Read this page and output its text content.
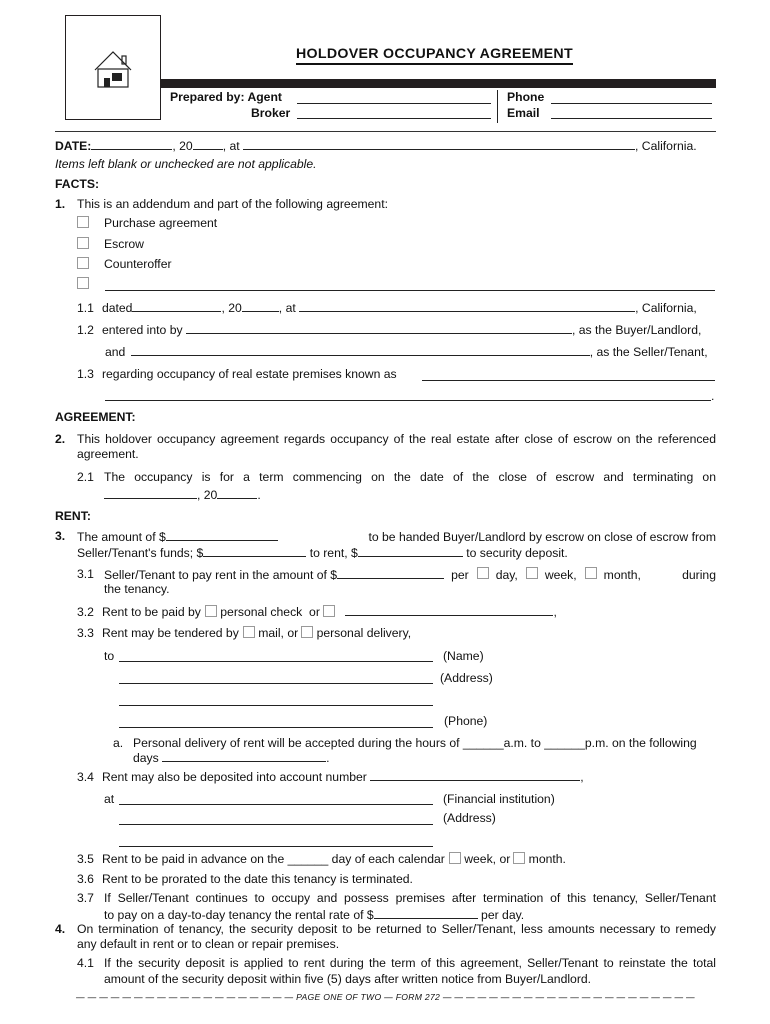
HOLDOVER OCCUPANCY AGREEMENT
Prepared by: Agent
Broker
Phone
Email
DATE:	, 20 , at	, California.
Items left blank or unchecked are not applicable.
FACTS:
1. This is an addendum and part of the following agreement:
Purchase agreement
Escrow
Counteroffer
1.1 dated	, 20	, at	, California,
1.2 entered into by	, as the Buyer/Landlord,
and	, as the Seller/Tenant,
1.3 regarding occupancy of real estate premises known as
.
AGREEMENT:
2. This holdover occupancy agreement regards occupancy of the real estate after close of escrow on the referenced
agreement.
2.1 The occupancy is for a term commencing on the date of the close of escrow and terminating on
, 20	.
RENT:
3. The amount of $	to be handed Buyer/Landlord by escrow on close of escrow from
Seller/Tenant's funds; $	to rent, $	to security deposit.
3.1 Seller/Tenant to pay rent in the amount of $	per day, week, month, during
the tenancy.
3.2 Rent to be paid by personal check or	,
3.3 Rent may be tendered by mail, or personal delivery,
to	(Name)
(Address)
(Phone)
a. Personal delivery of rent will be accepted during the hours of ______a.m. to ______p.m. on the following
days	.
3.4 Rent may also be deposited into account number	,
at	(Financial institution)
(Address)
3.5 Rent to be paid in advance on the ______ day of each calendar week, or month.
3.6 Rent to be prorated to the date this tenancy is terminated.
3.7 If Seller/Tenant continues to occupy and possess premises after termination of this tenancy, Seller/Tenant
to pay on a day-to-day tenancy the rental rate of $	per day.
4. On termination of tenancy, the security deposit to be returned to Seller/Tenant, less amounts necessary to remedy
any default in rent or to clean or repair premises.
4.1 If the security deposit is applied to rent during the term of this agreement, Seller/Tenant to reinstate the total
amount of the security deposit within five (5) days after written notice from Buyer/Landlord.
— — — — — — — — — — — — — — — — — — — PAGE ONE OF TWO — FORM 272 — — — — — — — — — — — — — — — — — — — — — —
